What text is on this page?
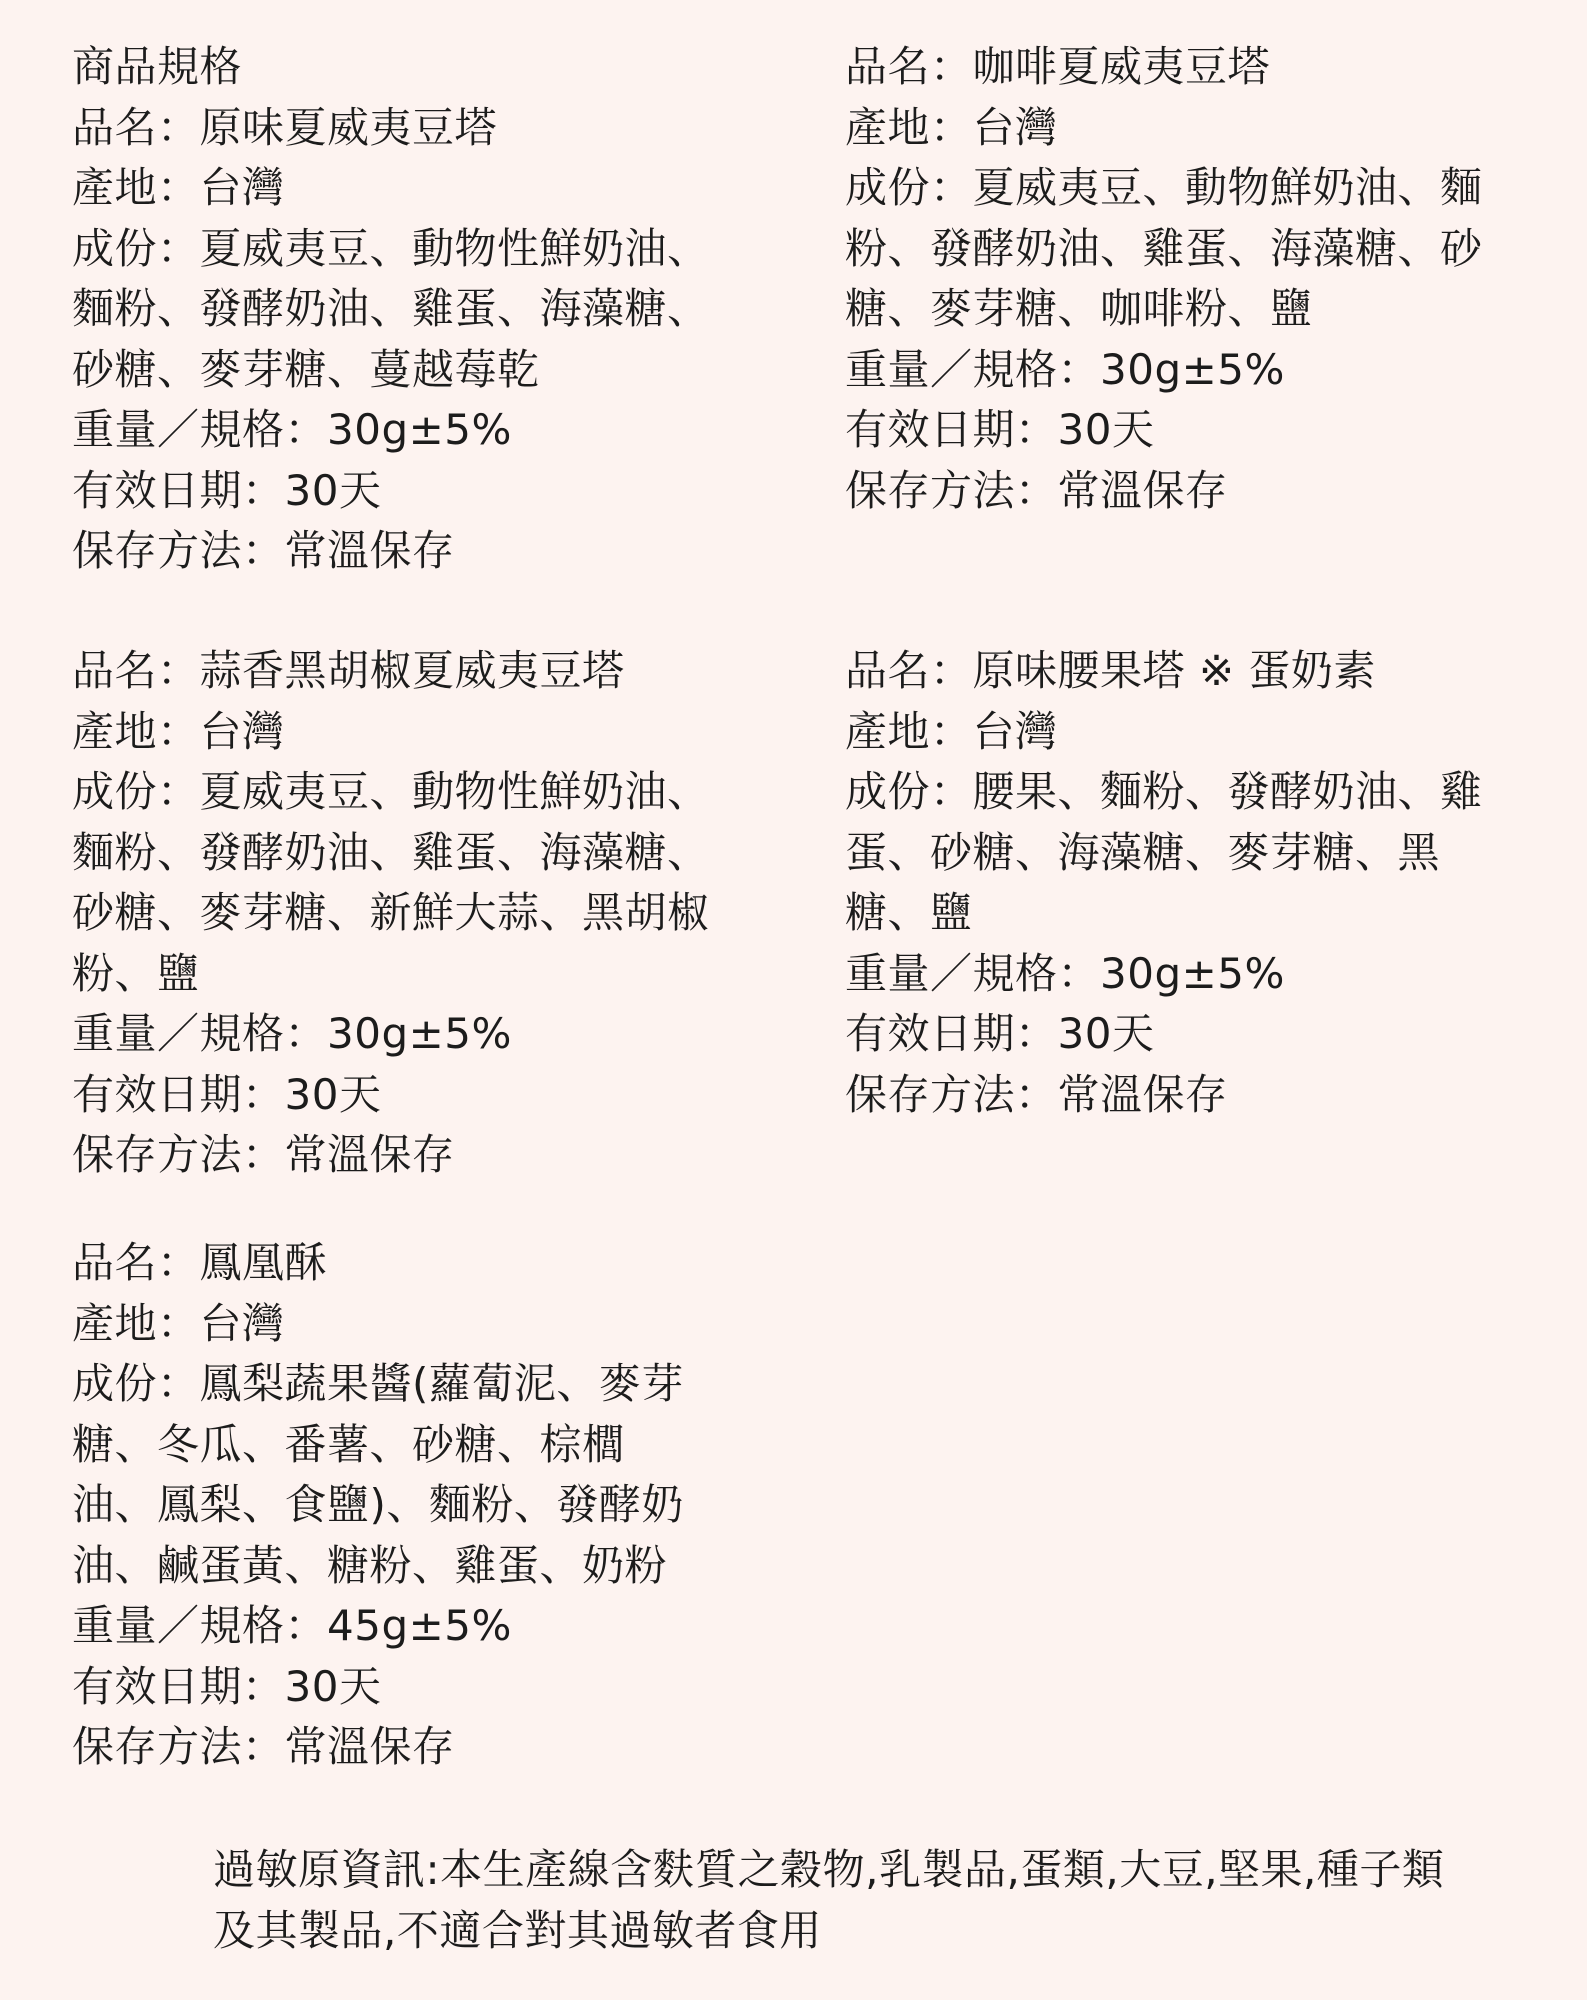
商品規格
品名：原味夏威夷豆塔
產地：台灣
成份：夏威夷豆、動物性鮮奶油、
麵粉、發酵奶油、雞蛋、海藻糖、
砂糖、麥芽糖、蔓越莓乾
重量／規格：30g±5%
有效日期：30天
保存方法：常溫保存
品名：咖啡夏威夷豆塔
產地：台灣
成份：夏威夷豆、動物鮮奶油、麵
粉、發酵奶油、雞蛋、海藻糖、砂
糖、麥芽糖、咖啡粉、鹽
重量／規格：30g±5%
有效日期：30天
保存方法：常溫保存
品名：蒜香黑胡椒夏威夷豆塔
產地：台灣
成份：夏威夷豆、動物性鮮奶油、
麵粉、發酵奶油、雞蛋、海藻糖、
砂糖、麥芽糖、新鮮大蒜、黑胡椒
粉、鹽
重量／規格：30g±5%
有效日期：30天
保存方法：常溫保存
品名：原味腰果塔 ※ 蛋奶素
產地：台灣
成份：腰果、麵粉、發酵奶油、雞
蛋、砂糖、海藻糖、麥芽糖、黑
糖、鹽
重量／規格：30g±5%
有效日期：30天
保存方法：常溫保存
品名：鳳凰酥
產地：台灣
成份：鳳梨蔬果醬(蘿蔔泥、麥芽
糖、冬瓜、番薯、砂糖、棕櫚
油、鳳梨、食鹽)、麵粉、發酵奶
油、鹹蛋黃、糖粉、雞蛋、奶粉
重量／規格：45g±5%
有效日期：30天
保存方法：常溫保存
過敏原資訊:本生產線含麩質之穀物,乳製品,蛋類,大豆,堅果,種子類
及其製品,不適合對其過敏者食用
